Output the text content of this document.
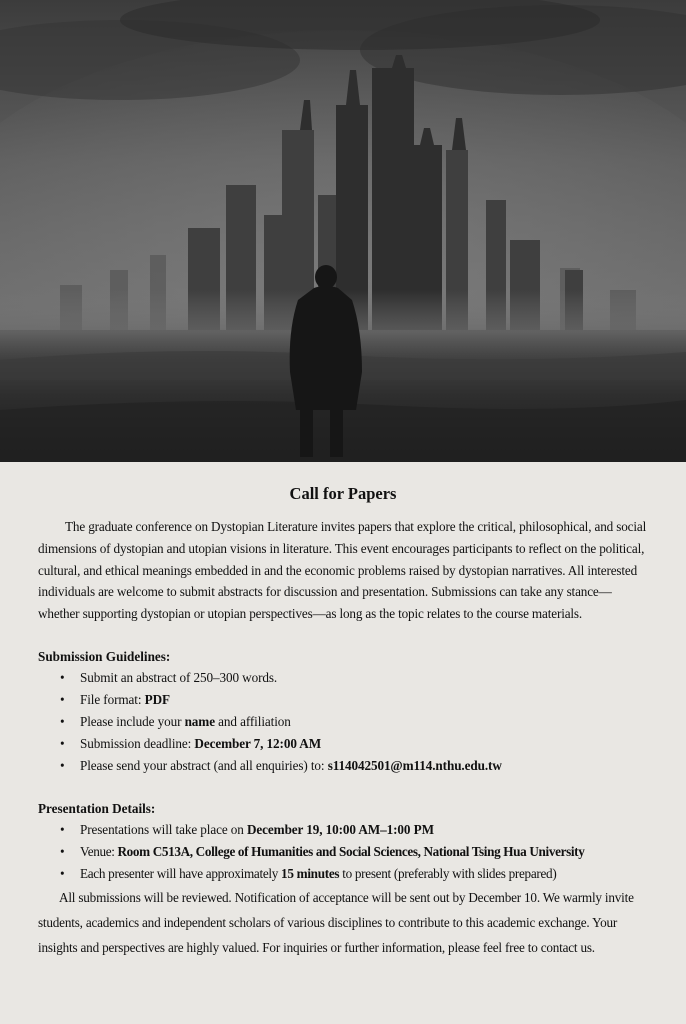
Call for Papers

The graduate conference on Dystopian Literature invites papers that explore the critical, philosophical, and social dimensions of dystopian and utopian visions in literature. This event encourages participants to reflect on the political, cultural, and ethical meanings embedded in and the economic problems raised by dystopian narratives. All interested individuals are welcome to submit abstracts for discussion and presentation. Submissions can take any stance—whether supporting dystopian or utopian perspectives—as long as the topic relates to the course materials.

Submission Guidelines:
• Submit an abstract of 250–300 words.
• File format: PDF
• Please include your name and affiliation
• Submission deadline: December 7, 12:00 AM
• Please send your abstract (and all enquiries) to: s114042501@m114.nthu.edu.tw
Presentation Details:
• Presentations will take place on December 19, 10:00 AM–1:00 PM
• Venue: Room C513A, College of Humanities and Social Sciences, National Tsing Hua University
• Each presenter will have approximately 15 minutes to present (preferably with slides prepared)

All submissions will be reviewed. Notification of acceptance will be sent out by December 10. We warmly invite students, academics and independent scholars of various disciplines to contribute to this academic exchange. Your insights and perspectives are highly valued. For inquiries or further information, please feel free to contact us.
